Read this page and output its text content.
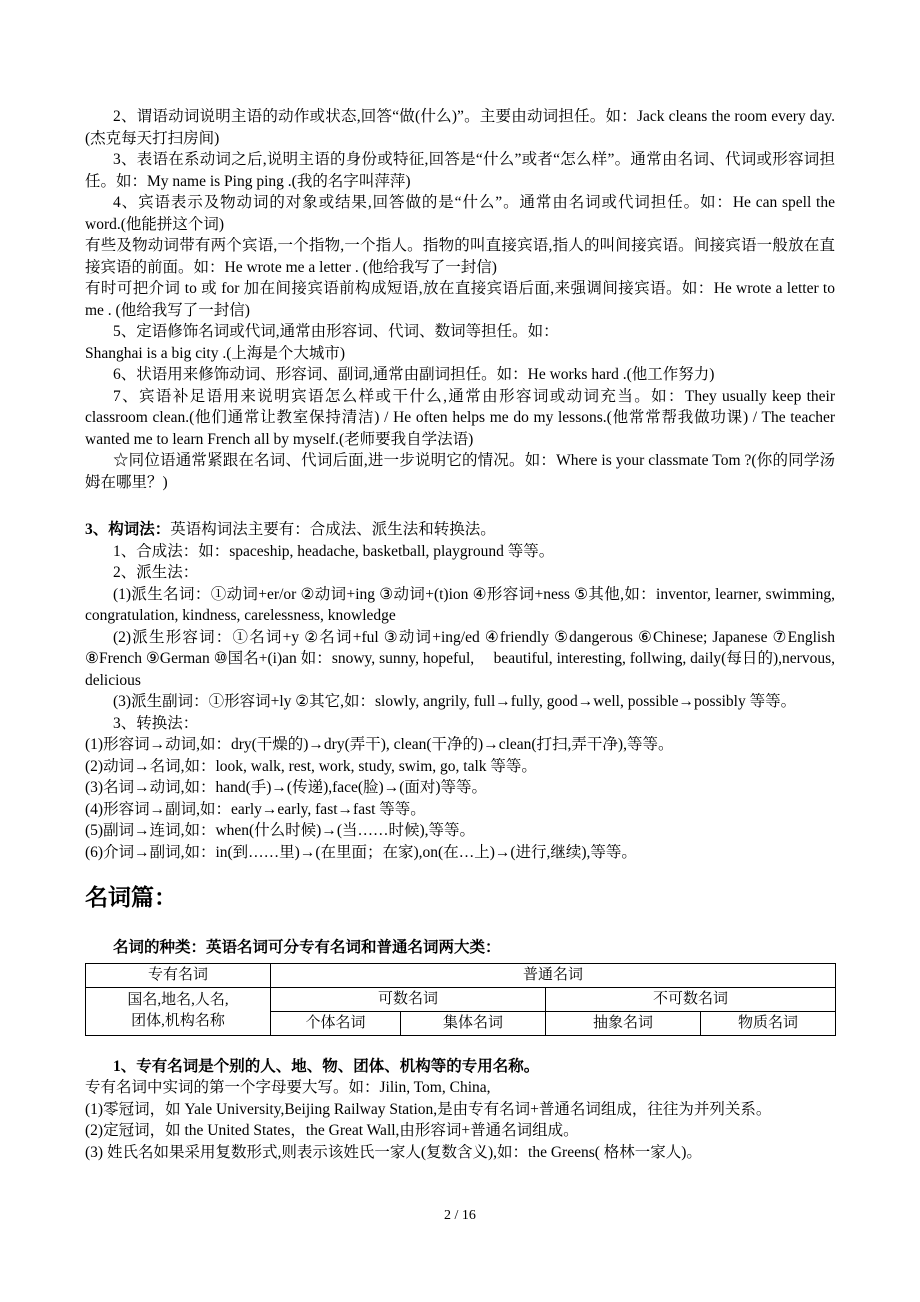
2、谓语动词说明主语的动作或状态,回答“做(什么)”。主要由动词担任。如：Jack cleans the room every day. (杰克每天打扫房间)

3、表语在系动词之后,说明主语的身份或特征,回答是“什么”或者“怎么样”。通常由名词、代词或形容词担任。如：My name is Ping ping .(我的名字叫萍萍)

4、宾语表示及物动词的对象或结果,回答做的是“什么”。通常由名词或代词担任。如：He can spell the word.(他能拼这个词)

有些及物动词带有两个宾语,一个指物,一个指人。指物的叫直接宾语,指人的叫间接宾语。间接宾语一般放在直接宾语的前面。如：He wrote me a letter . (他给我写了一封信)

有时可把介词 to 或 for 加在间接宾语前构成短语,放在直接宾语后面,来强调间接宾语。如：He wrote a letter to me . (他给我写了一封信)

5、定语修饰名词或代词,通常由形容词、代词、数词等担任。如：

Shanghai is a big city .(上海是个大城市)

6、状语用来修饰动词、形容词、副词,通常由副词担任。如：He works hard .(他工作努力)

7、宾语补足语用来说明宾语怎么样或干什么,通常由形容词或动词充当。如：They usually keep their classroom clean.(他们通常让教室保持清洁) / He often helps me do my lessons.(他常常帮我做功课) / The teacher wanted me to learn French all by myself.(老师要我自学法语)

☆同位语通常紧跟在名词、代词后面,进一步说明它的情况。如：Where is your classmate Tom ?(你的同学汤姆在哪里？)

3、构词法：英语构词法主要有：合成法、派生法和转换法。

1、合成法：如：spaceship, headache, basketball, playground 等等。

2、派生法：

(1)派生名词：①动词+er/or ②动词+ing ③动词+(t)ion ④形容词+ness ⑤其他,如：inventor, learner, swimming, congratulation, kindness, carelessness, knowledge

(2)派生形容词：①名词+y ②名词+ful ③动词+ing/ed ④friendly ⑤dangerous ⑥Chinese; Japanese ⑦English ⑧French ⑨German ⑩国名+(i)an 如：snowy, sunny, hopeful,　 beautiful, interesting, follwing, daily(每日的),nervous, delicious

(3)派生副词：①形容词+ly ②其它,如：slowly, angrily, full→fully, good→well, possible→possibly 等等。

3、转换法：

(1)形容词→动词,如：dry(干燥的)→dry(弄干), clean(干净的)→clean(打扫,弄干净),等等。

(2)动词→名词,如：look, walk, rest, work, study, swim, go, talk 等等。

(3)名词→动词,如：hand(手)→(传递),face(脸)→(面对)等等。

(4)形容词→副词,如：early→early, fast→fast 等等。

(5)副词→连词,如：when(什么时候)→(当……时候),等等。

(6)介词→副词,如：in(到……里)→(在里面；在家),on(在…上)→(进行,继续),等等。

名词篇：

名词的种类：英语名词可分专有名词和普通名词两大类：

专有名词	普通名词			

国名,地名,人名,
团体,机构名称	可数名词		不可数名词	
	个体名词	集体名词	抽象名词	物质名词

1、专有名词是个别的人、地、物、团体、机构等的专用名称。

专有名词中实词的第一个字母要大写。如：Jilin, Tom, China,

(1)零冠词，如 Yale University,Beijing Railway Station,是由专有名词+普通名词组成，往往为并列关系。

(2)定冠词，如 the United States，the Great Wall,由形容词+普通名词组成。

(3) 姓氏名如果采用复数形式,则表示该姓氏一家人(复数含义),如：the Greens( 格林一家人)。

2 / 16
